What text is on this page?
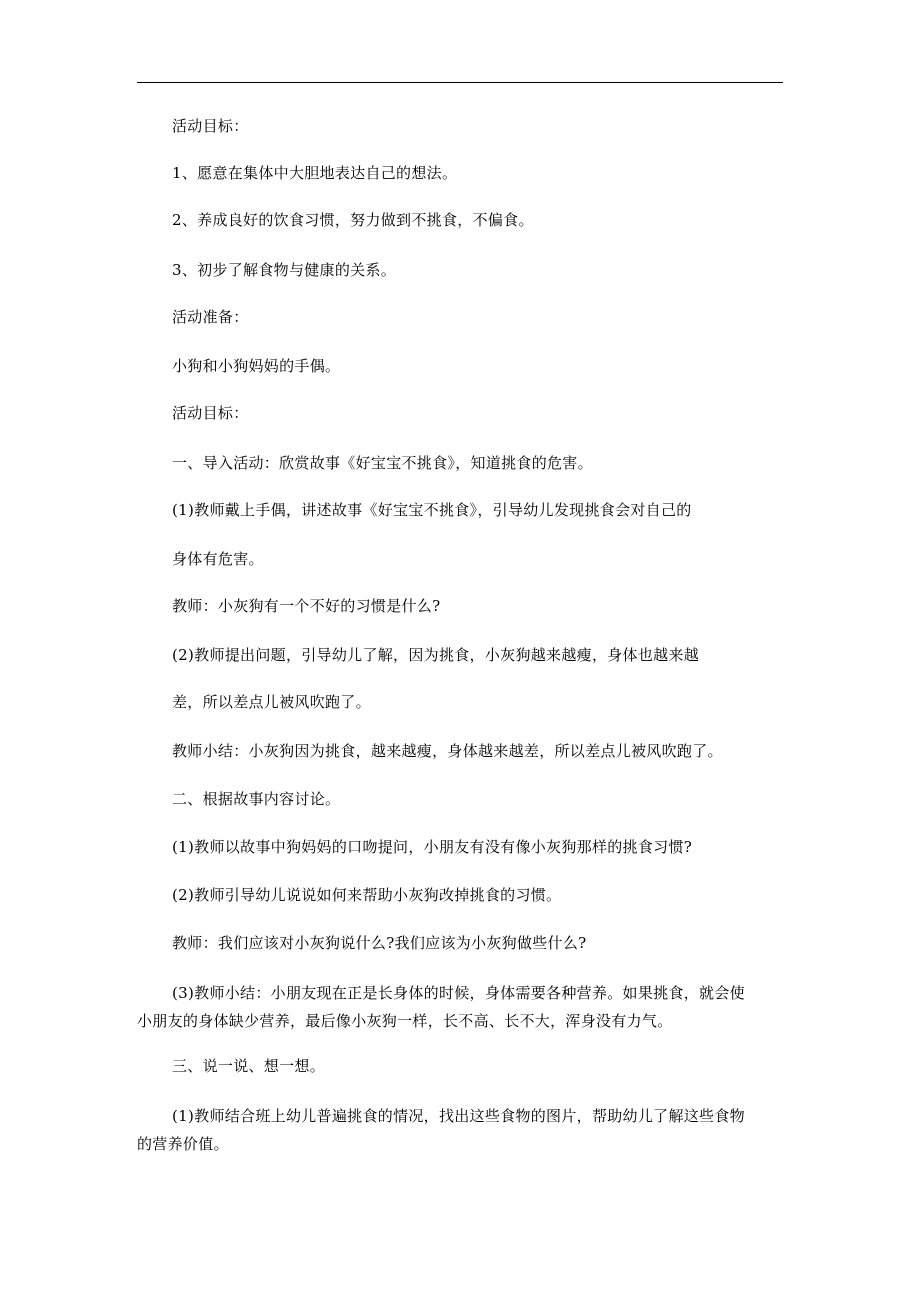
活动目标：
1、愿意在集体中大胆地表达自己的想法。
2、养成良好的饮食习惯，努力做到不挑食，不偏食。
3、初步了解食物与健康的关系。
活动准备：
小狗和小狗妈妈的手偶。
活动目标：
一、导入活动：欣赏故事《好宝宝不挑食》，知道挑食的危害。
(1)教师戴上手偶，讲述故事《好宝宝不挑食》，引导幼儿发现挑食会对自己的
身体有危害。
教师：小灰狗有一个不好的习惯是什么?
(2)教师提出问题，引导幼儿了解，因为挑食，小灰狗越来越瘦，身体也越来越
差，所以差点儿被风吹跑了。
教师小结：小灰狗因为挑食，越来越瘦，身体越来越差，所以差点儿被风吹跑了。
二、根据故事内容讨论。
(1)教师以故事中狗妈妈的口吻提问，小朋友有没有像小灰狗那样的挑食习惯?
(2)教师引导幼儿说说如何来帮助小灰狗改掉挑食的习惯。
教师：我们应该对小灰狗说什么?我们应该为小灰狗做些什么?
(3)教师小结：小朋友现在正是长身体的时候，身体需要各种营养。如果挑食，就会使小朋友的身体缺少营养，最后像小灰狗一样，长不高、长不大，浑身没有力气。
三、说一说、想一想。
(1)教师结合班上幼儿普遍挑食的情况，找出这些食物的图片，帮助幼儿了解这些食物的营养价值。
